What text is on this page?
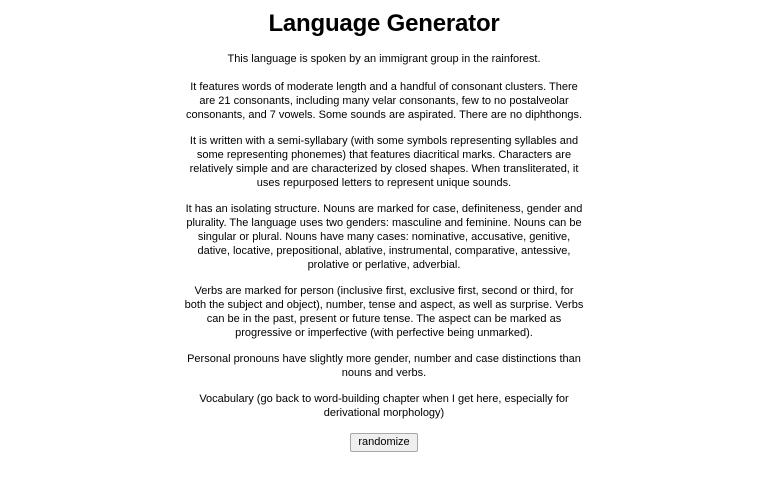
Language Generator

This language is spoken by an immigrant group in the rainforest.

It features words of moderate length and a handful of consonant clusters. There are 21 consonants, including many velar consonants, few to no postalveolar consonants, and 7 vowels. Some sounds are aspirated. There are no diphthongs.

It is written with a semi-syllabary (with some symbols representing syllables and some representing phonemes) that features diacritical marks. Characters are relatively simple and are characterized by closed shapes. When transliterated, it uses repurposed letters to represent unique sounds.

It has an isolating structure. Nouns are marked for case, definiteness, gender and plurality. The language uses two genders: masculine and feminine. Nouns can be singular or plural. Nouns have many cases: nominative, accusative, genitive, dative, locative, prepositional, ablative, instrumental, comparative, antessive, prolative or perlative, adverbial.

Verbs are marked for person (inclusive first, exclusive first, second or third, for both the subject and object), number, tense and aspect, as well as surprise. Verbs can be in the past, present or future tense. The aspect can be marked as progressive or imperfective (with perfective being unmarked).

Personal pronouns have slightly more gender, number and case distinctions than nouns and verbs.

Vocabulary (go back to word-building chapter when I get here, especially for derivational morphology)

randomize
